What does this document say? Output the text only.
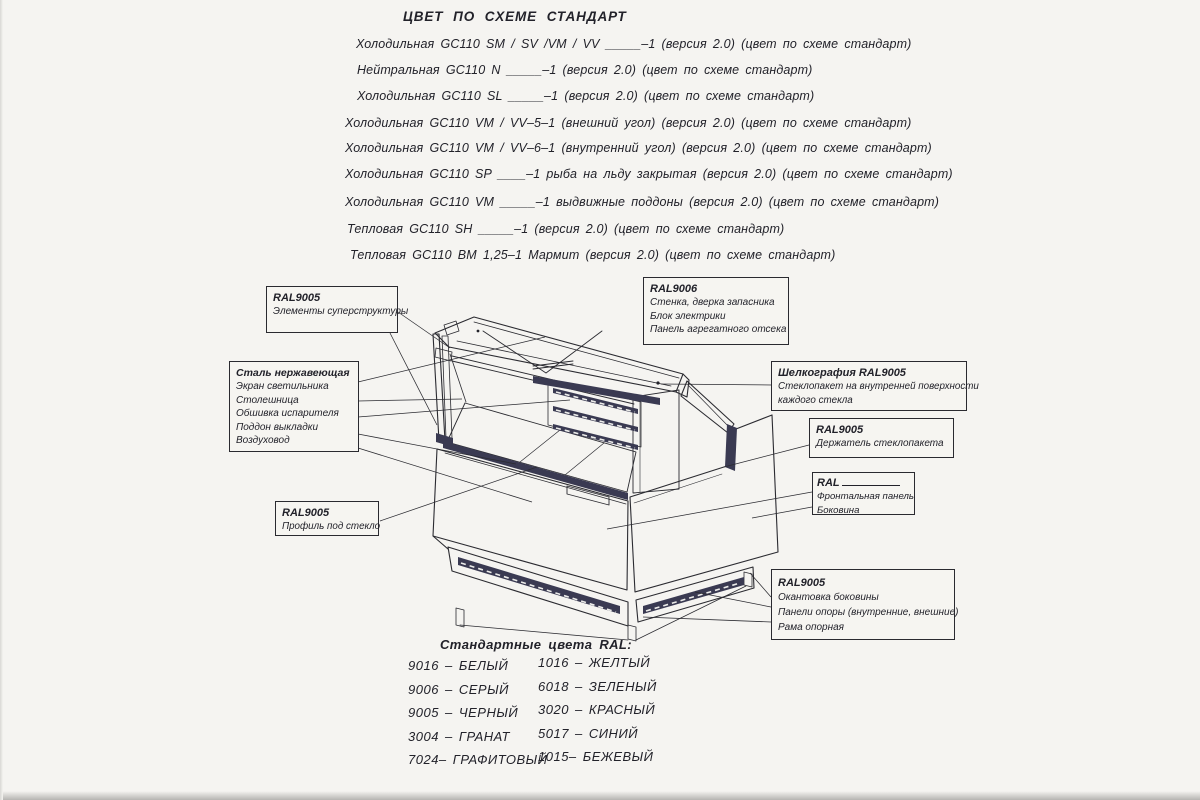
ЦВЕТ ПО СХЕМЕ СТАНДАРТ
Холодильная GC110 SM / SV /VM / VV _____–1 (версия 2.0) (цвет по схеме стандарт)
Нейтральная GC110 N _____–1 (версия 2.0) (цвет по схеме стандарт)
Холодильная GC110 SL _____–1 (версия 2.0) (цвет по схеме стандарт)
Холодильная GC110 VM / VV–5–1 (внешний угол) (версия 2.0) (цвет по схеме стандарт)
Холодильная GC110 VM / VV–6–1 (внутренний угол) (версия 2.0) (цвет по схеме стандарт)
Холодильная GC110 SP ____–1 рыба на льду закрытая (версия 2.0) (цвет по схеме стандарт)
Холодильная GC110 VM _____–1 выдвижные поддоны (версия 2.0) (цвет по схеме стандарт)
Тепловая GC110 SH _____–1 (версия 2.0) (цвет по схеме стандарт)
Тепловая GC110 ВМ 1,25–1 Мармит (версия 2.0) (цвет по схеме стандарт)
RAL9005
Элементы суперструктуры
RAL9006
Стенка, дверка запасника
Блок электрики
Панель агрегатного отсека
Сталь нержавеющая
Экран светильника
Столешница
Обшивка испарителя
Поддон выкладки
Воздуховод
Шелкография RAL9005
Стеклопакет на внутренней поверхности
каждого стекла
RAL9005
Держатель стеклопакета
RAL
Фронтальная панель
Боковина
RAL9005
Профиль под стекло
RAL9005
Окантовка боковины
Панели опоры (внутренние, внешние)
Рама опорная
Стандартные цвета RAL:
9016 – БЕЛЫЙ
9006 – СЕРЫЙ
9005 – ЧЕРНЫЙ
3004 – ГРАНАТ
7024– ГРАФИТОВЫЙ
1016 – ЖЕЛТЫЙ
6018 – ЗЕЛЕНЫЙ
3020 – КРАСНЫЙ
5017 – СИНИЙ
1015– БЕЖЕВЫЙ
